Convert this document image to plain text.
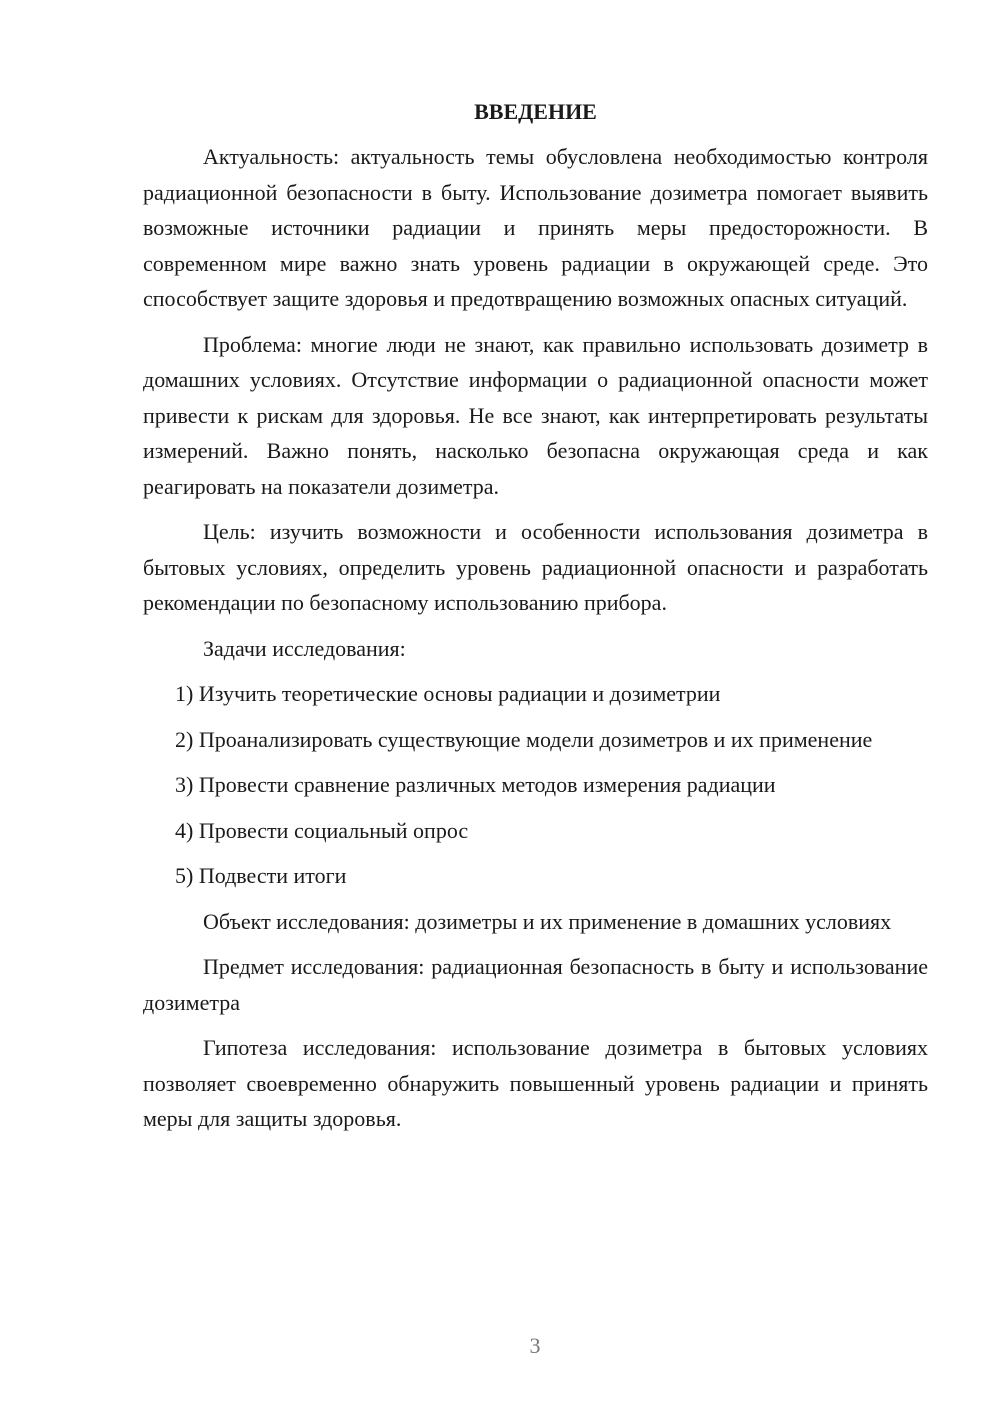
ВВЕДЕНИЕ

Актуальность: актуальность темы обусловлена необходимостью контроля радиационной безопасности в быту. Использование дозиметра помогает выявить возможные источники радиации и принять меры предосторожности. В современном мире важно знать уровень радиации в окружающей среде. Это способствует защите здоровья и предотвращению возможных опасных ситуаций.

Проблема: многие люди не знают, как правильно использовать дозиметр в домашних условиях. Отсутствие информации о радиационной опасности может привести к рискам для здоровья. Не все знают, как интерпретировать результаты измерений. Важно понять, насколько безопасна окружающая среда и как реагировать на показатели дозиметра.

Цель: изучить возможности и особенности использования дозиметра в бытовых условиях, определить уровень радиационной опасности и разработать рекомендации по безопасному использованию прибора.

Задачи исследования:

1) Изучить теоретические основы радиации и дозиметрии

2) Проанализировать существующие модели дозиметров и их применение

3) Провести сравнение различных методов измерения радиации

4) Провести социальный опрос

5) Подвести итоги

Объект исследования: дозиметры и их применение в домашних условиях

Предмет исследования: радиационная безопасность в быту и использование дозиметра

Гипотеза исследования: использование дозиметра в бытовых условиях позволяет своевременно обнаружить повышенный уровень радиации и принять меры для защиты здоровья.

3
